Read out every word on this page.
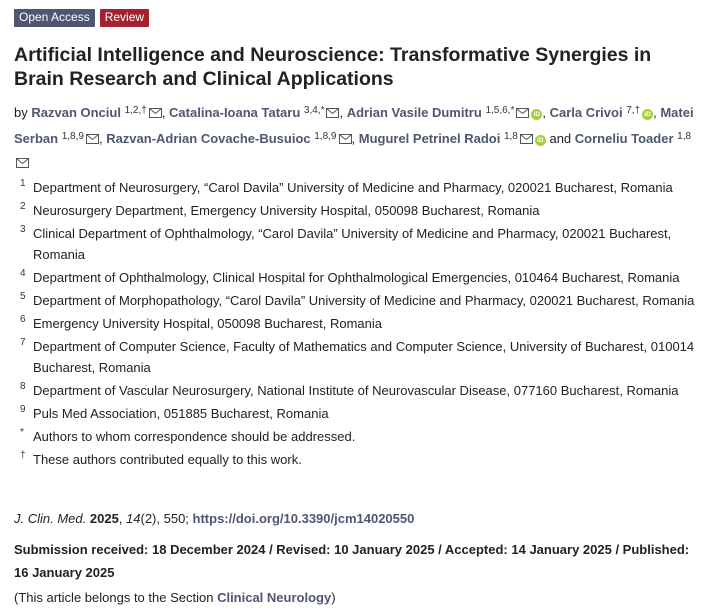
Open Access	Review
Artificial Intelligence and Neuroscience: Transformative Synergies in Brain Research and Clinical Applications
by Razvan Onciul $^{1,2,\dagger}$ , Catalina-Ioana Tataru $^{3,4,*}$ , Adrian Vasile Dumitru $^{1,5,6,*}$	iD , Carla Crivoi $^{7,\dagger}$ iD , Matei Serban $^{1,8,9}$ , Razvan-Adrian Covache-Busuioc $^{1,8,9}$ , Mugurel Petrinel Radoi $^{1,8}$	iD and Corneliu Toader $^{1,8}$
1 Department of Neurosurgery, “Carol Davila” University of Medicine and Pharmacy, 020021 Bucharest, Romania
2 Neurosurgery Department, Emergency University Hospital, 050098 Bucharest, Romania
3 Clinical Department of Ophthalmology, “Carol Davila” University of Medicine and Pharmacy, 020021 Bucharest, Romania
4 Department of Ophthalmology, Clinical Hospital for Ophthalmological Emergencies, 010464 Bucharest, Romania
5 Department of Morphopathology, “Carol Davila” University of Medicine and Pharmacy, 020021 Bucharest, Romania
6 Emergency University Hospital, 050098 Bucharest, Romania
7 Department of Computer Science, Faculty of Mathematics and Computer Science, University of Bucharest, 010014 Bucharest, Romania
8 Department of Vascular Neurosurgery, National Institute of Neurovascular Disease, 077160 Bucharest, Romania
9 Puls Med Association, 051885 Bucharest, Romania
* Authors to whom correspondence should be addressed.
† These authors contributed equally to this work.
J. Clin. Med. 2025, 14(2), 550; https://doi.org/10.3390/jcm14020550
Submission received: 18 December 2024 / Revised: 10 January 2025 / Accepted: 14 January 2025 / Published: 16 January 2025
(This article belongs to the Section Clinical Neurology)
